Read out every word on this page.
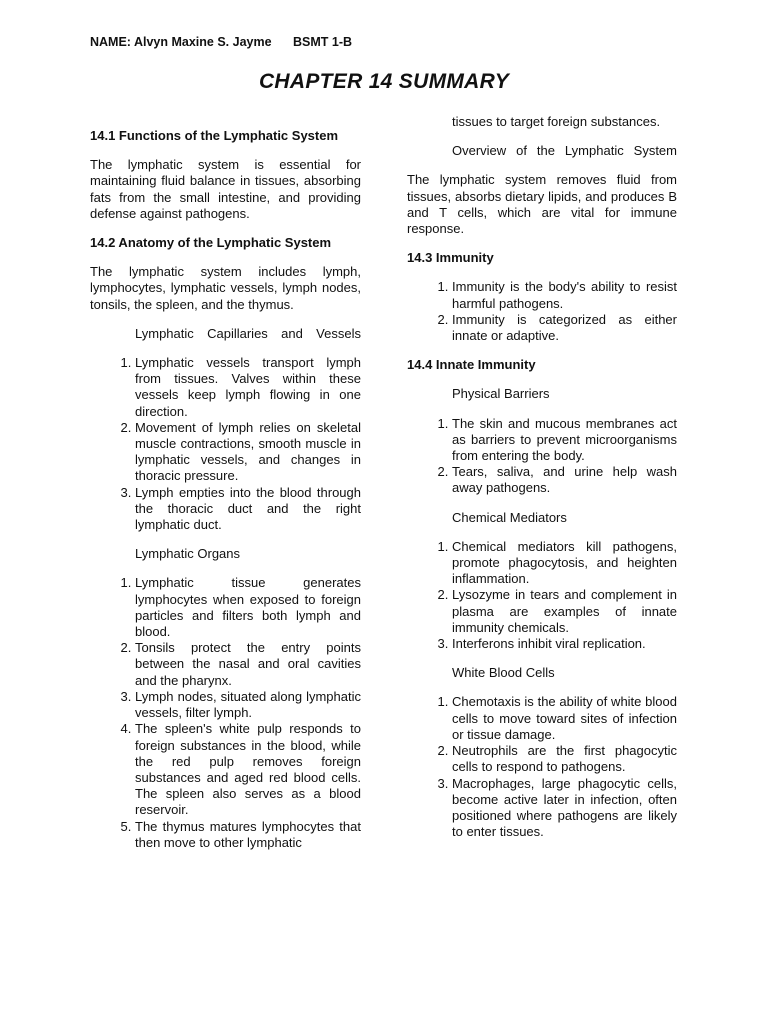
NAME: Alvyn Maxine S. Jayme BSMT 1-B
CHAPTER 14 SUMMARY
14.1 Functions of the Lymphatic System
The lymphatic system is essential for maintaining fluid balance in tissues, absorbing fats from the small intestine, and providing defense against pathogens.
14.2 Anatomy of the Lymphatic System
The lymphatic system includes lymph, lymphocytes, lymphatic vessels, lymph nodes, tonsils, the spleen, and the thymus.
Lymphatic Capillaries and Vessels
1. Lymphatic vessels transport lymph from tissues. Valves within these vessels keep lymph flowing in one direction.
2. Movement of lymph relies on skeletal muscle contractions, smooth muscle in lymphatic vessels, and changes in thoracic pressure.
3. Lymph empties into the blood through the thoracic duct and the right lymphatic duct.
Lymphatic Organs
1. Lymphatic tissue generates lymphocytes when exposed to foreign particles and filters both lymph and blood.
2. Tonsils protect the entry points between the nasal and oral cavities and the pharynx.
3. Lymph nodes, situated along lymphatic vessels, filter lymph.
4. The spleen's white pulp responds to foreign substances in the blood, while the red pulp removes foreign substances and aged red blood cells. The spleen also serves as a blood reservoir.
5. The thymus matures lymphocytes that then move to other lymphatic
tissues to target foreign substances.
Overview of the Lymphatic System
The lymphatic system removes fluid from tissues, absorbs dietary lipids, and produces B and T cells, which are vital for immune response.
14.3 Immunity
1. Immunity is the body's ability to resist harmful pathogens.
2. Immunity is categorized as either innate or adaptive.
14.4 Innate Immunity
Physical Barriers
1. The skin and mucous membranes act as barriers to prevent microorganisms from entering the body.
2. Tears, saliva, and urine help wash away pathogens.
Chemical Mediators
1. Chemical mediators kill pathogens, promote phagocytosis, and heighten inflammation.
2. Lysozyme in tears and complement in plasma are examples of innate immunity chemicals.
3. Interferons inhibit viral replication.
White Blood Cells
1. Chemotaxis is the ability of white blood cells to move toward sites of infection or tissue damage.
2. Neutrophils are the first phagocytic cells to respond to pathogens.
3. Macrophages, large phagocytic cells, become active later in infection, often positioned where pathogens are likely to enter tissues.
